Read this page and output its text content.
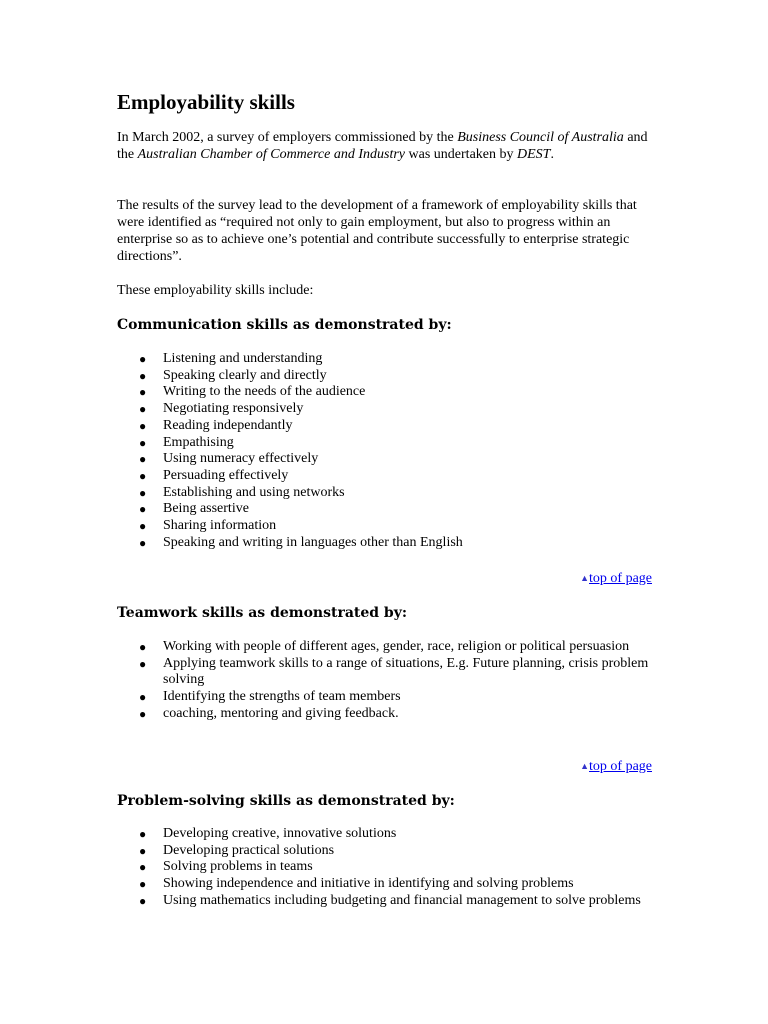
Employability skills

In March 2002, a survey of employers commissioned by the Business Council of Australia and the Australian Chamber of Commerce and Industry was undertaken by DEST.

The results of the survey lead to the development of a framework of employability skills that were identified as “required not only to gain employment, but also to progress within an enterprise so as to achieve one’s potential and contribute successfully to enterprise strategic directions”.

These employability skills include:

Communication skills as demonstrated by:
● Listening and understanding
● Speaking clearly and directly
● Writing to the needs of the audience
● Negotiating responsively
● Reading independantly
● Empathising
● Using numeracy effectively
● Persuading effectively
● Establishing and using networks
● Being assertive
● Sharing information
● Speaking and writing in languages other than English
▲top of page
Teamwork skills as demonstrated by:
● Working with people of different ages, gender, race, religion or political persuasion
● Applying teamwork skills to a range of situations, E.g. Future planning, crisis problem solving
● Identifying the strengths of team members
● coaching, mentoring and giving feedback.
▲top of page
Problem-solving skills as demonstrated by:
● Developing creative, innovative solutions
● Developing practical solutions
● Solving problems in teams
● Showing independence and initiative in identifying and solving problems
● Using mathematics including budgeting and financial management to solve problems
